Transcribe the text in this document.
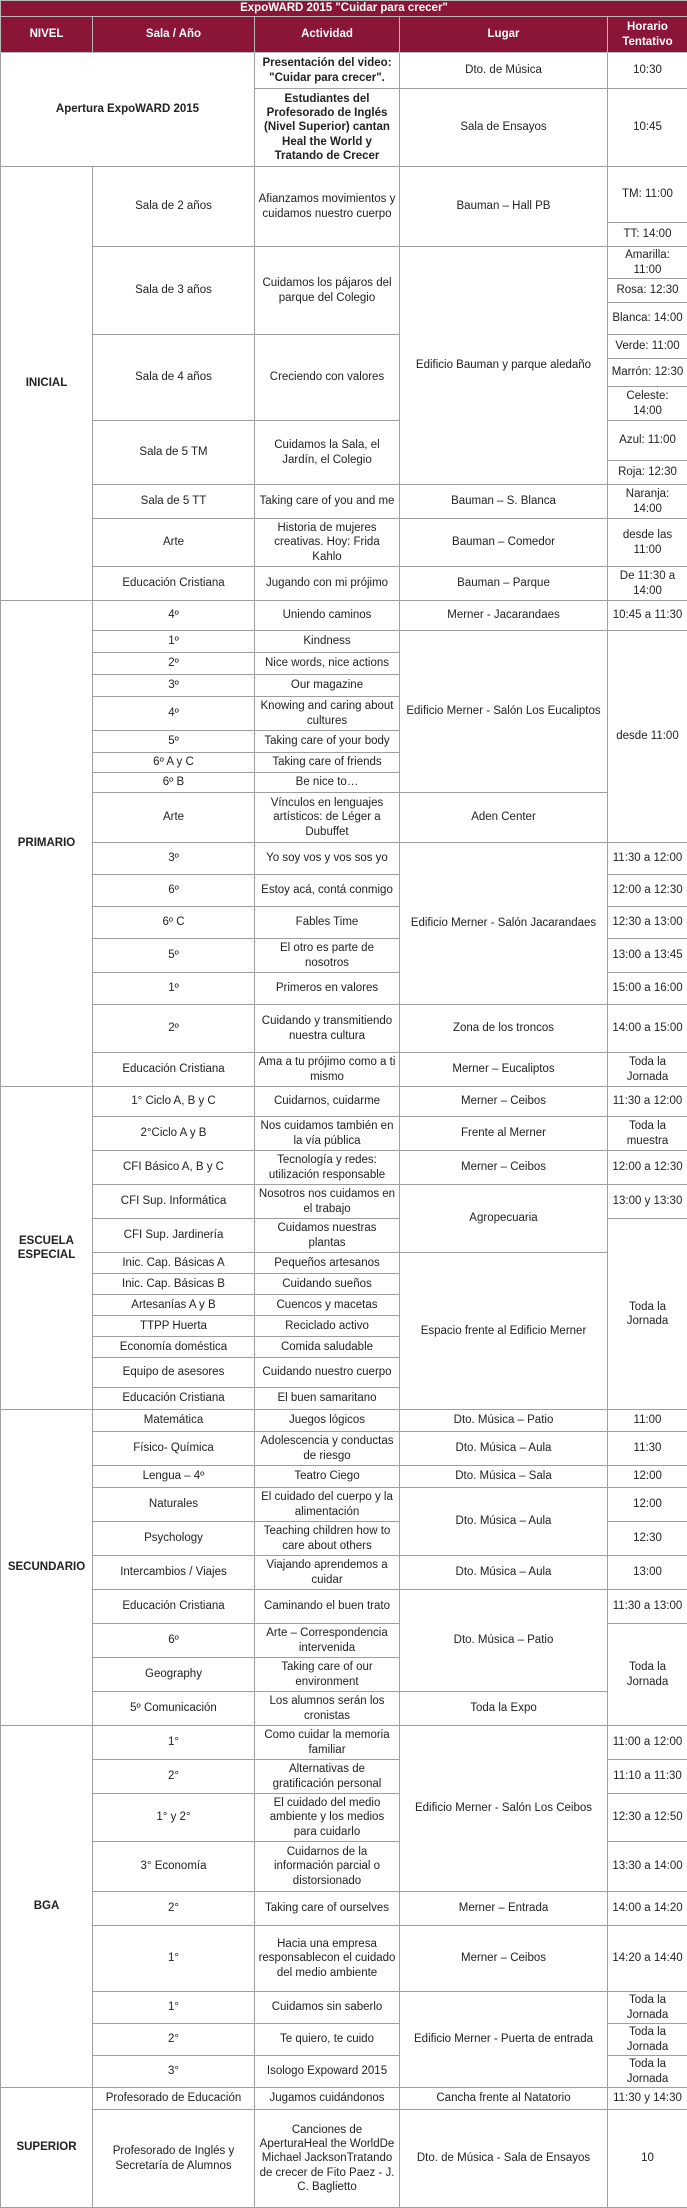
ExpoWARD 2015 "Cuidar para crecer"				
NIVEL	Sala / Año	Actividad	Lugar	Horario Tentativo
Apertura ExpoWARD 2015		Presentación del video: "Cuidar para crecer".	Dto. de Música	10:30
		Estudiantes del Profesorado de Inglés (Nivel Superior) cantan Heal the World y Tratando de Crecer	Sala de Ensayos	10:45
INICIAL	Sala de 2 años	Afianzamos movimientos y cuidamos nuestro cuerpo	Bauman – Hall PB	TM: 11:00
				TT: 14:00
	Sala de 3 años	Cuidamos los pájaros del parque del Colegio	Edificio Bauman y parque aledaño	Amarilla: 11:00
				Rosa: 12:30
				Blanca: 14:00
	Sala de 4 años	Creciendo con valores		Verde: 11:00
				Marrón: 12:30
				Celeste: 14:00
	Sala de 5 TM	Cuidamos la Sala, el Jardín, el Colegio		Azul: 11:00
				Roja: 12:30
	Sala de 5 TT	Taking care of you and me	Bauman – S. Blanca	Naranja: 14:00
	Arte	Historia de mujeres creativas. Hoy: Frida Kahlo	Bauman – Comedor	desde las 11:00
	Educación Cristiana	Jugando con mi prójimo	Bauman – Parque	De 11:30 a 14:00

PRIMARIO	4º	Uniendo caminos	Merner - Jacarandaes	10:45 a 11:30
	1º	Kindness	Edificio Merner - Salón Los Eucaliptos	desde 11:00
	2º	Nice words, nice actions		
	3º	Our magazine		
	4º	Knowing and caring about cultures		
	5º	Taking care of your body		
	6º A y C	Taking care of friends		
	6º B	Be nice to…		
	Arte	Vínculos en lenguajes artísticos: de Léger a Dubuffet	Aden Center	
	3º	Yo soy vos y vos sos yo	Edificio Merner - Salón Jacarandaes	11:30 a 12:00
	6º	Estoy acá, contá conmigo		12:00 a 12:30
	6º C	Fables Time		12:30 a 13:00
	5º	El otro es parte de nosotros		13:00 a 13:45
	1º	Primeros en valores		15:00 a 16:00
	2º	Cuidando y transmitiendo nuestra cultura	Zona de los troncos	14:00 a 15:00
	Educación Cristiana	Ama a tu prójimo como a ti mismo	Merner – Eucaliptos	Toda la Jornada
ESCUELA ESPECIAL	1° Ciclo A, B y C	Cuidarnos, cuidarme	Merner – Ceibos	11:30 a 12:00
	2°Ciclo A y B	Nos cuidamos también en la vía pública	Frente al Merner	Toda la muestra
	CFI Básico A, B y C	Tecnología y redes: utilización responsable	Merner – Ceibos	12:00 a 12:30
	CFI Sup. Informática	Nosotros nos cuidamos en el trabajo	Agropecuaria	13:00 y 13:30
	CFI Sup. Jardinería	Cuidamos nuestras plantas		Toda la Jornada
	Inic. Cap. Básicas A	Pequeños artesanos	Espacio frente al Edificio Merner	
	Inic. Cap. Básicas B	Cuidando sueños		
	Artesanías A y B	Cuencos y macetas		
	TTPP Huerta	Reciclado activo		
	Economía doméstica	Comida saludable		
	Equipo de asesores	Cuidando nuestro cuerpo		
	Educación Cristiana	El buen samaritano		
SECUNDARIO	Matemática	Juegos lógicos	Dto. Música – Patio	11:00
	Físico- Química	Adolescencia y conductas de riesgo	Dto. Música – Aula	11:30
	Lengua – 4º	Teatro Ciego	Dto. Música – Sala	12:00
	Naturales	El cuidado del cuerpo y la alimentación	Dto. Música – Aula	12:00
	Psychology	Teaching children how to care about others		12:30
	Intercambios / Viajes	Viajando aprendemos a cuidar	Dto. Música – Aula	13:00
	Educación Cristiana	Caminando el buen trato	Dto. Música – Patio	11:30 a 13:00
	6º	Arte – Correspondencia intervenida		Toda la Jornada
	Geography	Taking care of our environment		
	5º Comunicación	Los alumnos serán los cronistas	Toda la Expo	
BGA	1°	Como cuidar la memoria familiar	Edificio Merner - Salón Los Ceibos	11:00 a 12:00
	2°	Alternativas de gratificación personal		11:10 a 11:30
	1° y 2°	El cuidado del medio ambiente y los medios para cuidarlo		12:30 a 12:50
	3° Economía	Cuidarnos de la información parcial o distorsionado		13:30 a 14:00
	2°	Taking care of ourselves	Merner – Entrada	14:00 a 14:20
	1°	Hacia una empresa responsablecon el cuidado del medio ambiente	Merner – Ceibos	14:20 a 14:40
	1°	Cuidamos sin saberlo	Edificio Merner - Puerta de entrada	Toda la Jornada
	2°	Te quiero, te cuido		Toda la Jornada
	3°	Isologo Expoward 2015		Toda la Jornada
SUPERIOR	Profesorado de Educación	Jugamos cuidándonos	Cancha frente al Natatorio	11:30 y 14:30
	Profesorado de Inglés y Secretaría de Alumnos	Canciones de AperturaHeal the WorldDe Michael JacksonTratando de crecer de Fito Paez - J. C. Baglietto	Dto. de Música - Sala de Ensayos	10
